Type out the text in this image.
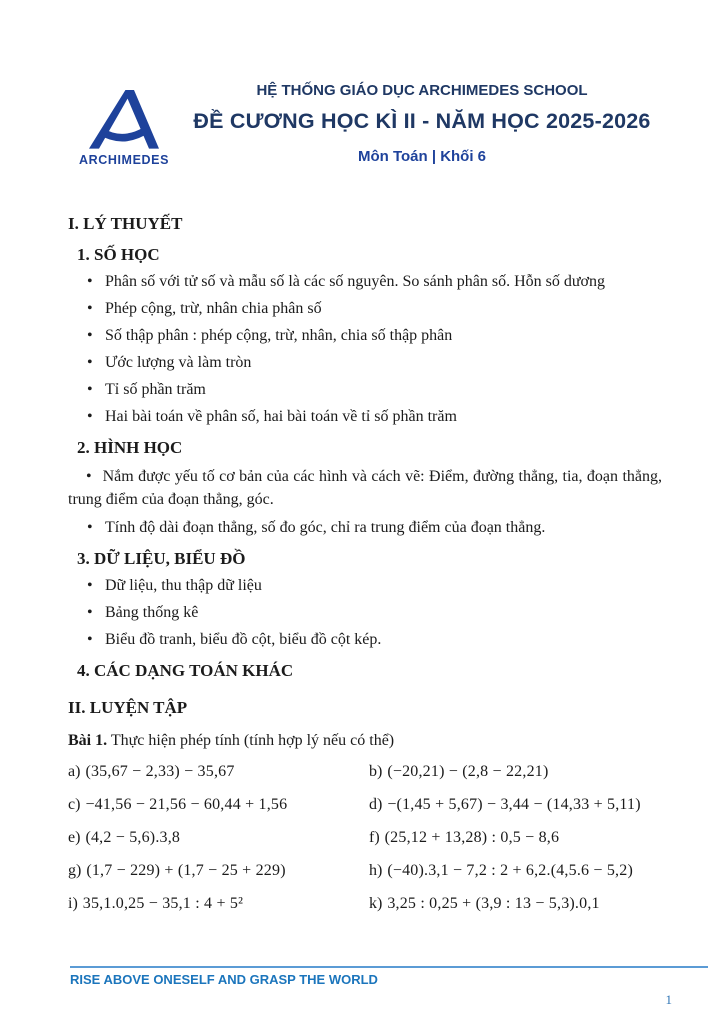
ARCHIMEDES
HỆ THỐNG GIÁO DỤC ARCHIMEDES SCHOOL
ĐỀ CƯƠNG HỌC KÌ II - NĂM HỌC 2025-2026
Môn Toán | Khối 6
I. LÝ THUYẾT
1. SỐ HỌC
• Phân số với tử số và mẫu số là các số nguyên. So sánh phân số. Hỗn số dương
• Phép cộng, trừ, nhân chia phân số
• Số thập phân : phép cộng, trừ, nhân, chia số thập phân
• Ước lượng và làm tròn
• Tỉ số phần trăm
• Hai bài toán về phân số, hai bài toán về tỉ số phần trăm
2. HÌNH HỌC
• Nắm được yếu tố cơ bản của các hình và cách vẽ: Điểm, đường thẳng, tia, đoạn thẳng, trung điểm của đoạn thẳng, góc.
• Tính độ dài đoạn thẳng, số đo góc, chỉ ra trung điểm của đoạn thẳng.
3. DỮ LIỆU, BIỂU ĐỒ
• Dữ liệu, thu thập dữ liệu
• Bảng thống kê
• Biểu đồ tranh, biểu đồ cột, biểu đồ cột kép.
4. CÁC DẠNG TOÁN KHÁC
II. LUYỆN TẬP
Bài 1. Thực hiện phép tính (tính hợp lý nếu có thể)
a) (35,67 − 2,33) − 35,67	b) (−20,21) − (2,8 − 22,21)
c) −41,56 − 21,56 − 60,44 + 1,56	d) −(1,45 + 5,67) − 3,44 − (14,33 + 5,11)
e) (4,2 − 5,6).3,8	f) (25,12 + 13,28) : 0,5 − 8,6
g) (1,7 − 229) + (1,7 − 25 + 229)	h) (−40).3,1 − 7,2 : 2 + 6,2.(4,5.6 − 5,2)
i) 35,1.0,25 − 35,1 : 4 + 5²	k) 3,25 : 0,25 + (3,9 : 13 − 5,3).0,1
RISE ABOVE ONESELF AND GRASP THE WORLD
1
